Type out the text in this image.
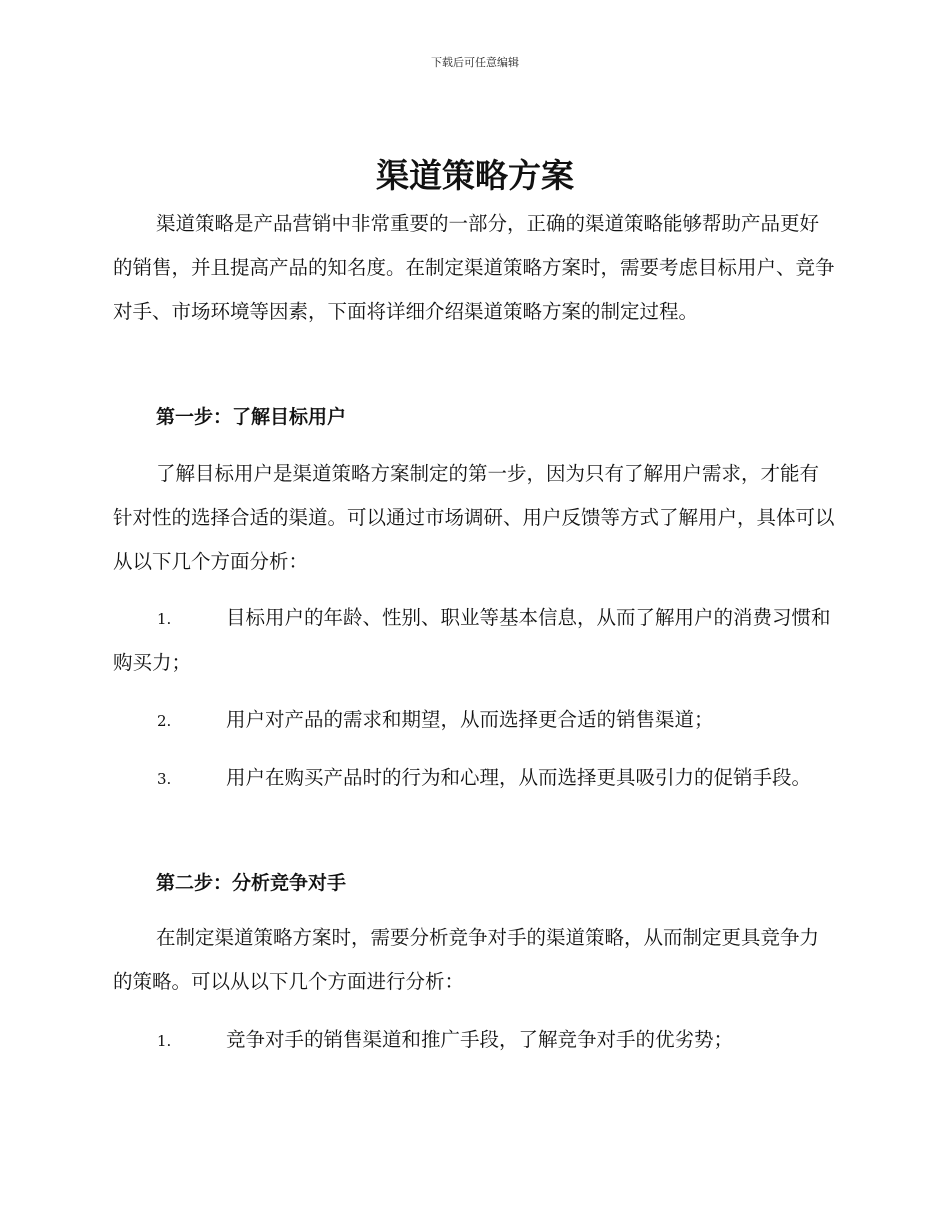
下载后可任意编辑
渠道策略方案

渠道策略是产品营销中非常重要的一部分，正确的渠道策略能够帮助产品更好的销售，并且提高产品的知名度。在制定渠道策略方案时，需要考虑目标用户、竞争对手、市场环境等因素，下面将详细介绍渠道策略方案的制定过程。

第一步：了解目标用户

了解目标用户是渠道策略方案制定的第一步，因为只有了解用户需求，才能有针对性的选择合适的渠道。可以通过市场调研、用户反馈等方式了解用户，具体可以从以下几个方面分析：

1.	目标用户的年龄、性别、职业等基本信息，从而了解用户的消费习惯和购买力；

2.	用户对产品的需求和期望，从而选择更合适的销售渠道；

3.	用户在购买产品时的行为和心理，从而选择更具吸引力的促销手段。

第二步：分析竞争对手

在制定渠道策略方案时，需要分析竞争对手的渠道策略，从而制定更具竞争力的策略。可以从以下几个方面进行分析：

1.	竞争对手的销售渠道和推广手段，了解竞争对手的优劣势；
